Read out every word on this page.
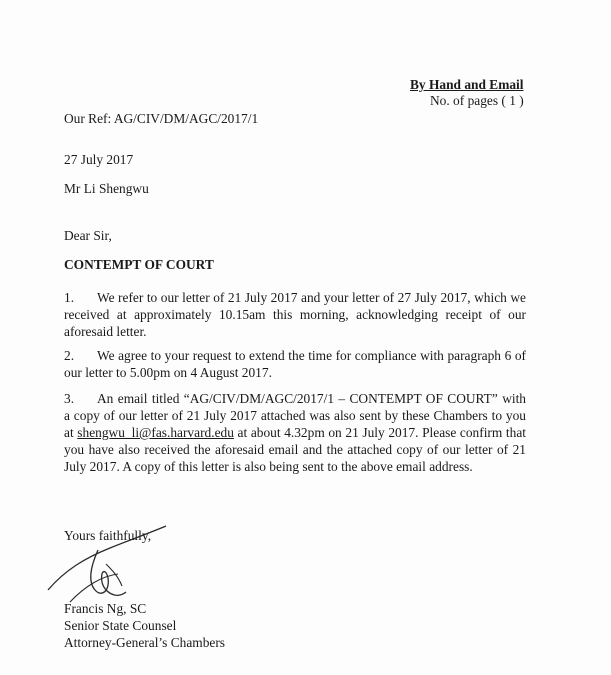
By Hand and Email

No. of pages ( 1 )

Our Ref: AG/CIV/DM/AGC/2017/1

27 July 2017

Mr Li Shengwu

Dear Sir,

CONTEMPT OF COURT

1. We refer to our letter of 21 July 2017 and your letter of 27 July 2017, which we received at approximately 10.15am this morning, acknowledging receipt of our aforesaid letter.

2. We agree to your request to extend the time for compliance with paragraph 6 of our letter to 5.00pm on 4 August 2017.

3. An email titled “AG/CIV/DM/AGC/2017/1 – CONTEMPT OF COURT” with a copy of our letter of 21 July 2017 attached was also sent by these Chambers to you at shengwu_li@fas.harvard.edu at about 4.32pm on 21 July 2017. Please confirm that you have also received the aforesaid email and the attached copy of our letter of 21 July 2017. A copy of this letter is also being sent to the above email address.

Yours faithfully,

Francis Ng, SC

Senior State Counsel

Attorney-General’s Chambers
